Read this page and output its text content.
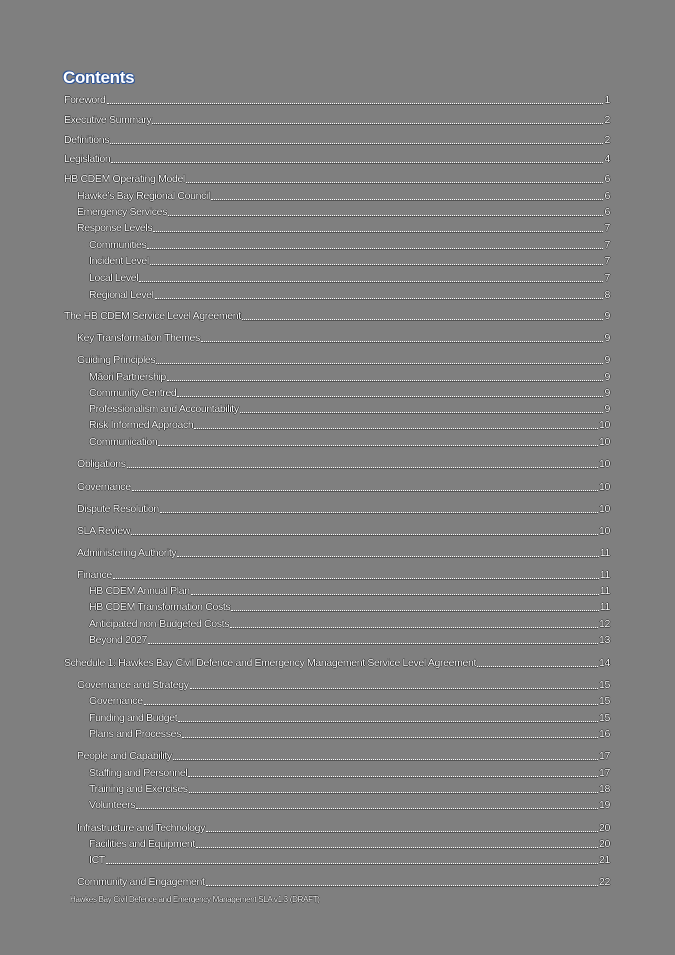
Contents
Foreword	1
Executive Summary	2
Definitions	2
Legislation	4
HB CDEM Operating Model	6
Hawke’s Bay Regional Council	6
Emergency Services	6
Response Levels	7
Communities	7
Incident Level	7
Local Level	7
Regional Level	8
The HB CDEM Service Level Agreement	9
Key Transformation Themes	9
Guiding Principles	9
Māori Partnership	9
Community Centred	9
Professionalism and Accountability	9
Risk Informed Approach	10
Communication	10
Obligations	10
Governance	10
Dispute Resolution	10
SLA Review	10
Administering Authority	11
Finance	11
HB CDEM Annual Plan	11
HB CDEM Transformation Costs	11
Anticipated non-Budgeted Costs	12
Beyond 2027	13
Schedule 1: Hawkes Bay Civil Defence and Emergency Management Service Level Agreement	14
Governance and Strategy	15
Governance	15
Funding and Budget	15
Plans and Processes	16
People and Capability	17
Staffing and Personnel	17
Training and Exercises	18
Volunteers	19
Infrastructure and Technology	20
Facilities and Equipment	20
ICT	21
Community and Engagement	22
Hawkes Bay Civil Defence and Emergency Management SLA v1.3 (DRAFT)
